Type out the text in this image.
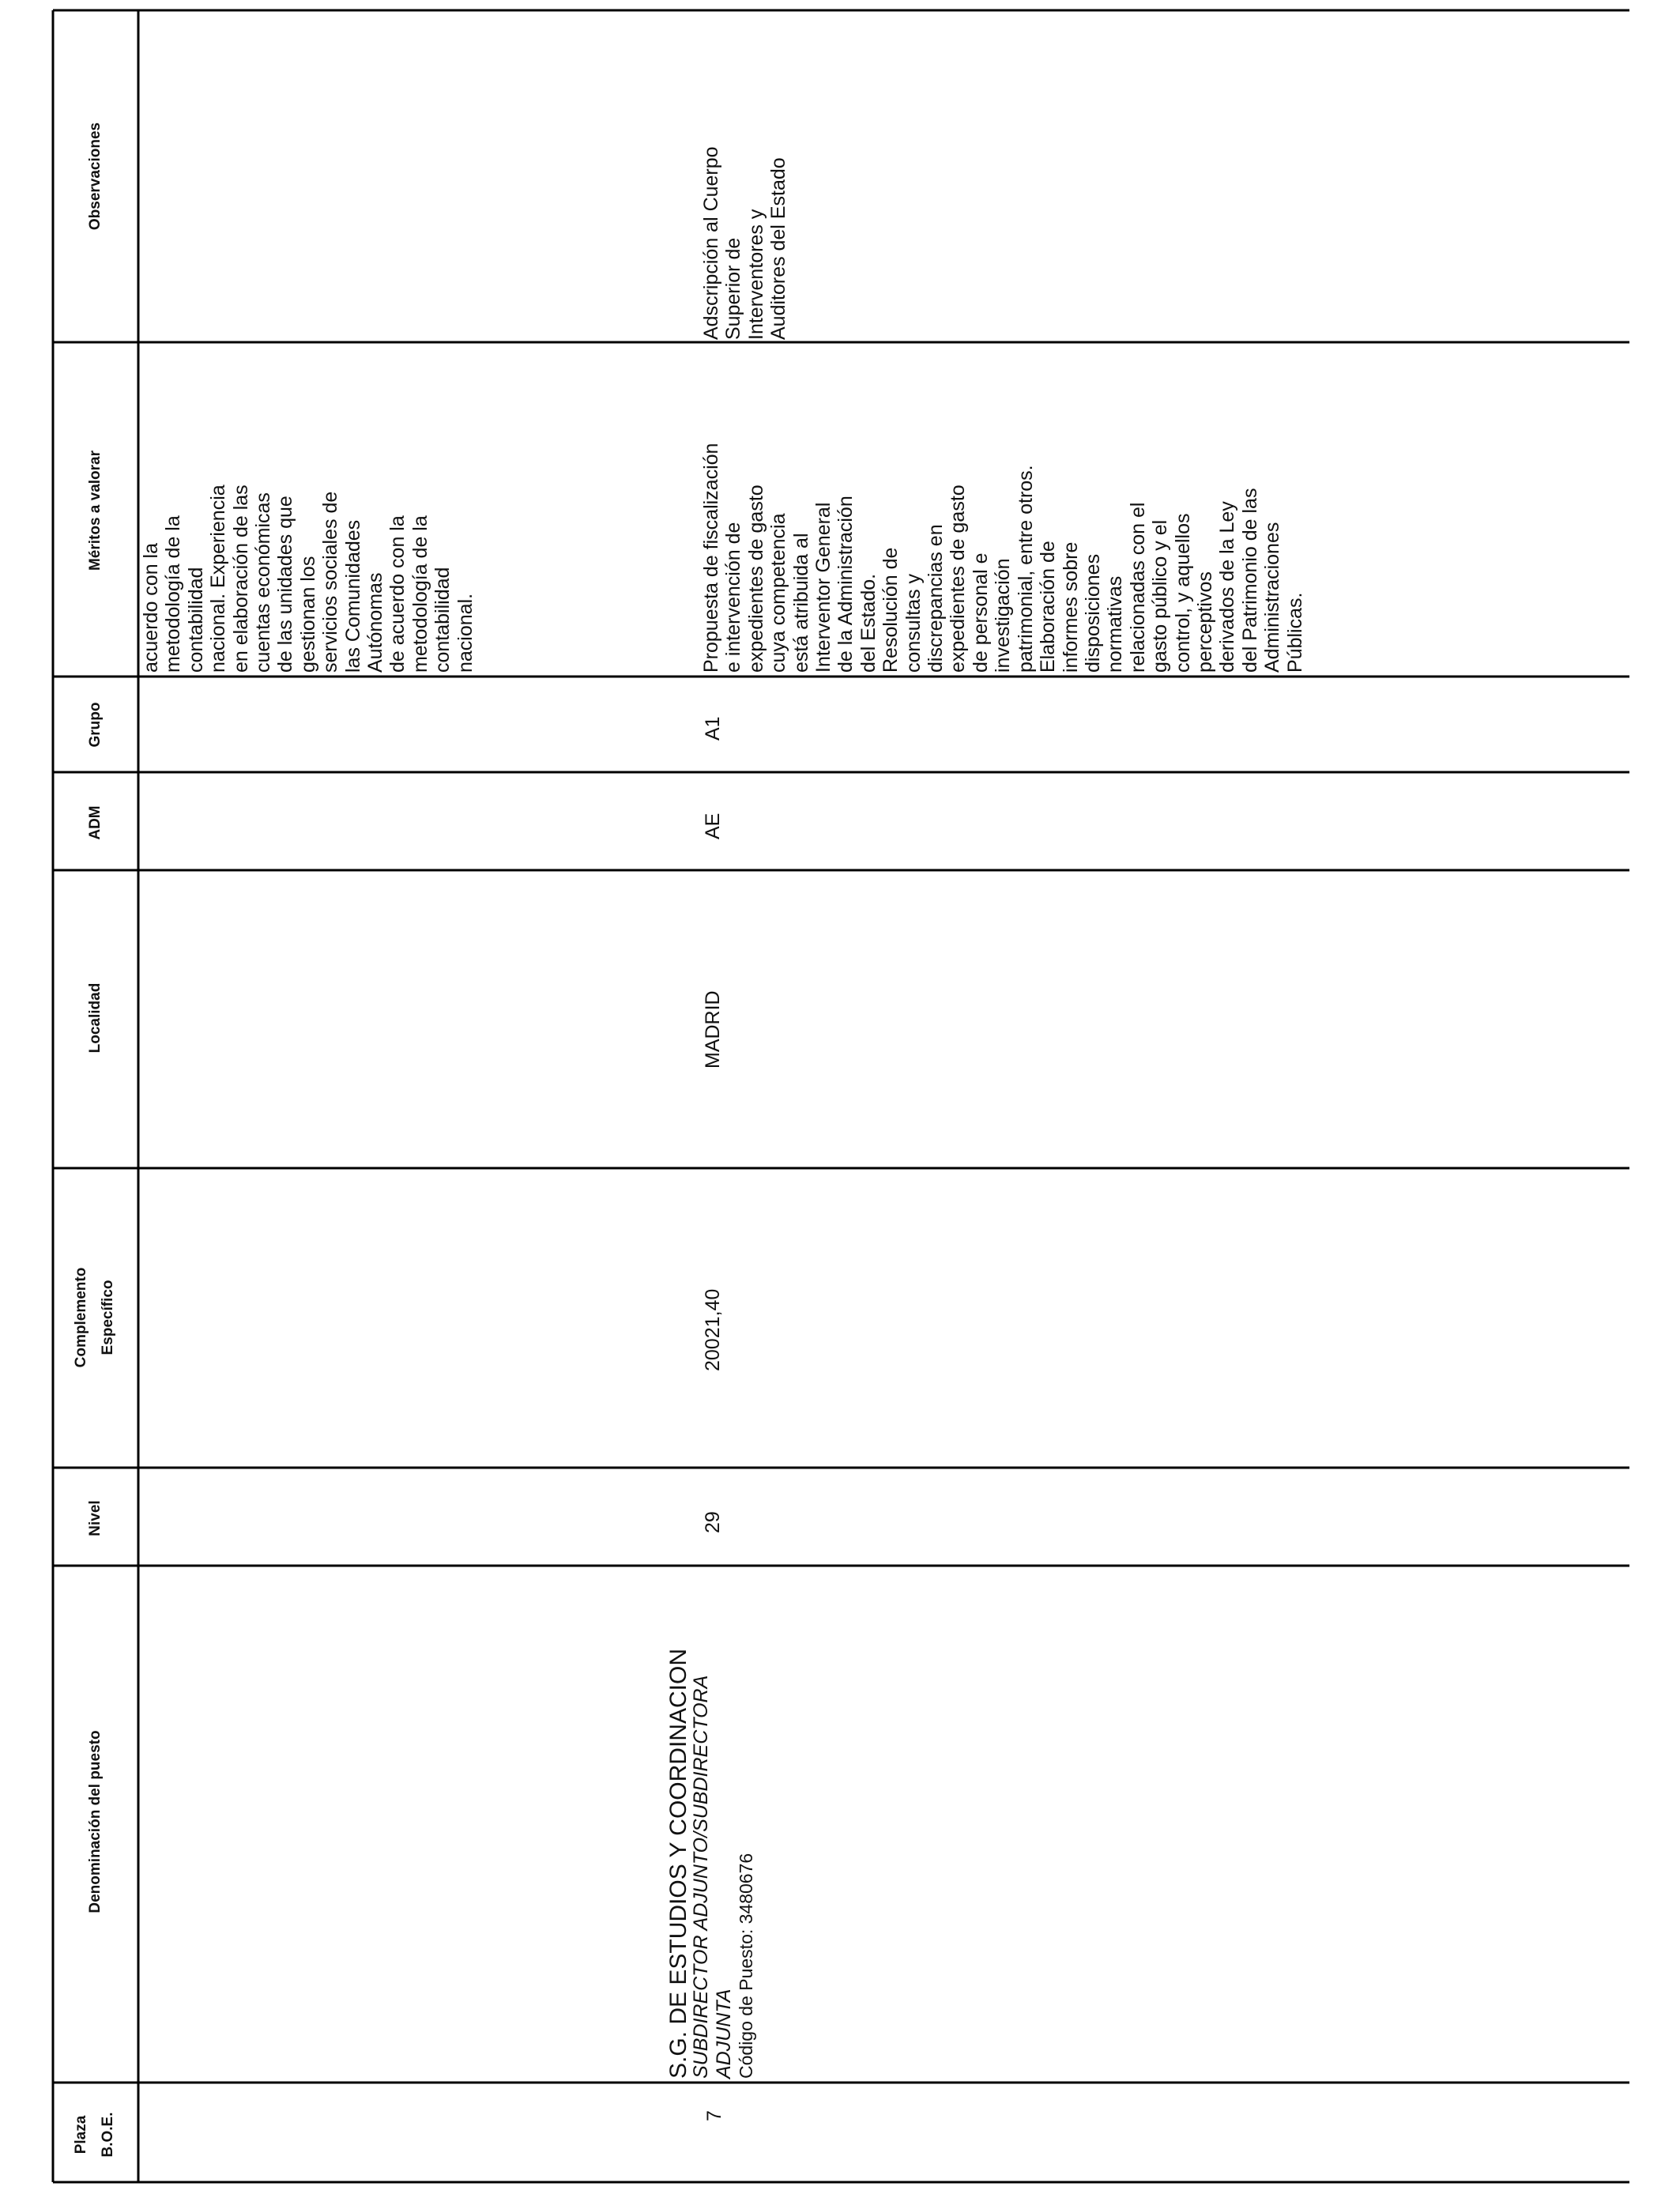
Observaciones
Méritos a valorar
Grupo
ADM
Localidad
Complemento Específico
Nivel
Denominación del puesto
Plaza B.O.E.
acuerdo con la metodología de la contabilidad nacional. Experiencia en elaboración de las cuentas económicas de las unidades que gestionan los servicios sociales de las Comunidades Autónomas de acuerdo con la metodología de la contabilidad nacional.
7
S.G. DE ESTUDIOS Y COORDINACION
SUBDIRECTOR ADJUNTO/SUBDIRECTORA ADJUNTA Código de Puesto: 3480676
29
20021,40
MADRID
AE
A1
Propuesta de fiscalización e intervención de expedientes de gasto cuya competencia está atribuida al Interventor General de la Administración del Estado. Resolución de consultas y discrepancias en expedientes de gasto de personal e investigación patrimonial, entre otros. Elaboración de informes sobre disposiciones normativas relacionadas con el gasto público y el control, y aquellos perceptivos derivados de la Ley del Patrimonio de las Administraciones Públicas.
Adscripción al Cuerpo Superior de Interventores y Auditores del Estado
